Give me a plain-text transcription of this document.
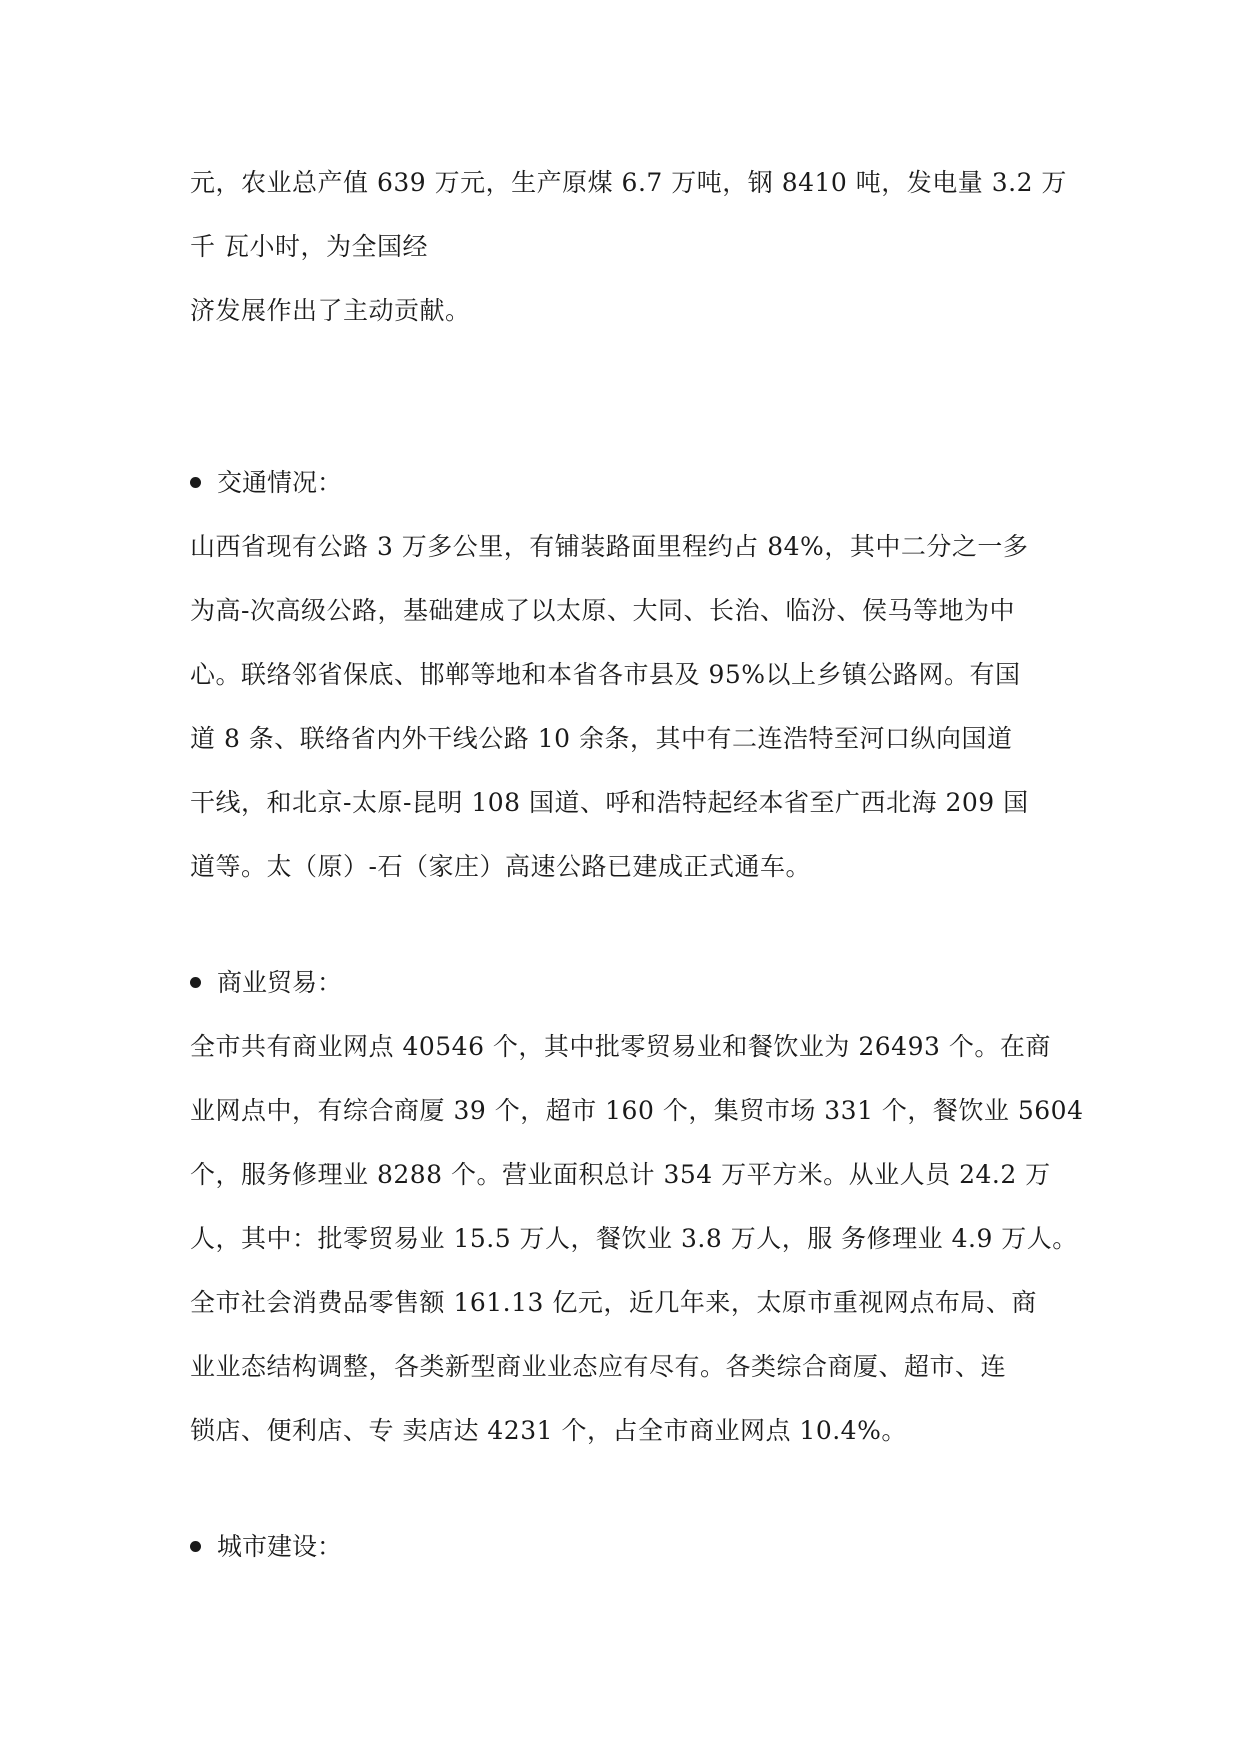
元，农业总产值 639 万元，生产原煤 6.7 万吨，钢 8410 吨，发电量 3.2 万
千 瓦小时，为全国经
济发展作出了主动贡献。
交通情况：
山西省现有公路 3 万多公里，有铺装路面里程约占 84%，其中二分之一多
为高-次高级公路，基础建成了以太原、大同、长治、临汾、侯马等地为中
心。联络邻省保底、邯郸等地和本省各市县及 95%以上乡镇公路网。有国
道 8 条、联络省内外干线公路 10 余条，其中有二连浩特至河口纵向国道
干线，和北京-太原-昆明 108 国道、呼和浩特起经本省至广西北海 209 国
道等。太（原）-石（家庄）高速公路已建成正式通车。
商业贸易：
全市共有商业网点 40546 个，其中批零贸易业和餐饮业为 26493 个。在商
业网点中，有综合商厦 39 个，超市 160 个，集贸市场 331 个，餐饮业 5604
个，服务修理业 8288 个。营业面积总计 354 万平方米。从业人员 24.2 万
人，其中：批零贸易业 15.5 万人，餐饮业 3.8 万人，服 务修理业 4.9 万人。
全市社会消费品零售额 161.13 亿元，近几年来，太原市重视网点布局、商
业业态结构调整，各类新型商业业态应有尽有。各类综合商厦、超市、连
锁店、便利店、专 卖店达 4231 个，占全市商业网点 10.4%。
城市建设：
